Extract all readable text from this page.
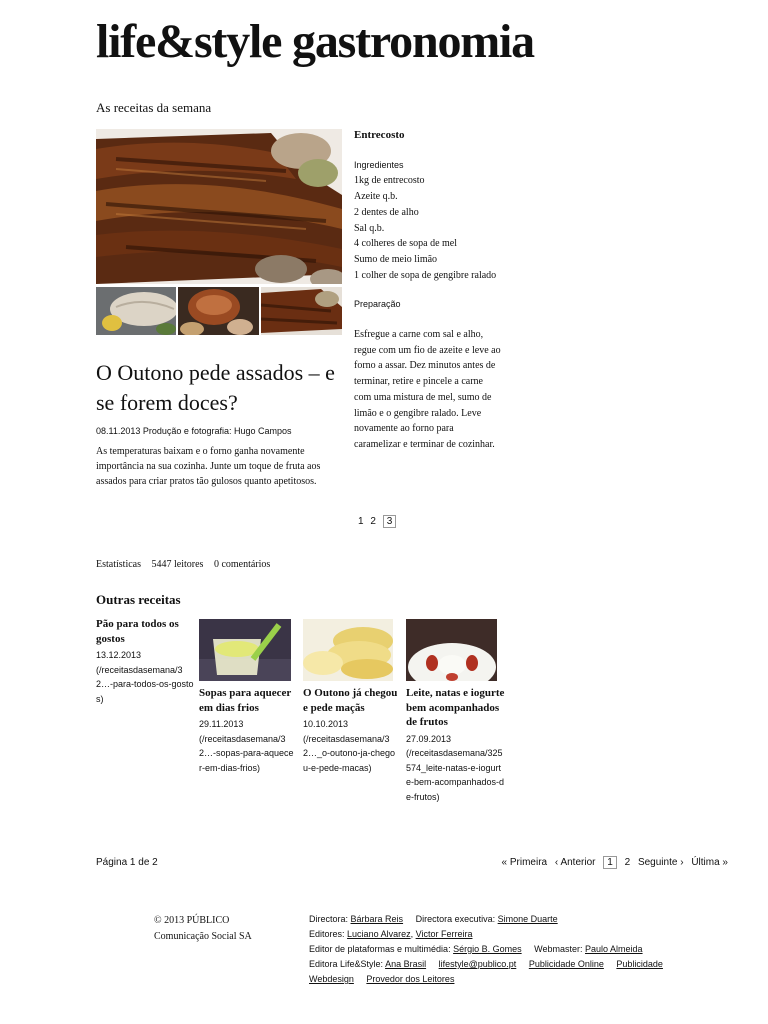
life&style gastronomia
As receitas da semana
O Outono pede assados – e se forem doces?
08.11.2013 Produção e fotografia: Hugo Campos
As temperaturas baixam e o forno ganha novamente importância na sua cozinha. Junte um toque de fruta aos assados para criar pratos tão gulosos quanto apetitosos.
Entrecosto
Ingredientes
1kg de entrecosto
Azeite q.b.
2 dentes de alho
Sal q.b.
4 colheres de sopa de mel
Sumo de meio limão
1 colher de sopa de gengibre ralado
Preparação
Esfregue a carne com sal e alho, regue com um fio de azeite e leve ao forno a assar. Dez minutos antes de terminar, retire e pincele a carne com uma mistura de mel, sumo de limão e o gengibre ralado. Leve novamente ao forno para caramelizar e terminar de cozinhar.
1 2 3
Estatísticas 5447 leitores 0 comentários
Outras receitas
Pão para todos os gostos
13.12.2013
(/receitasdasemana/32…-para-todos-os-gostos)	Sopas para aquecer em dias frios
29.11.2013
(/receitasdasemana/32…-sopas-para-aquecer-em-dias-frios)
O Outono já chegou e pede maçãs
10.10.2013
(/receitasdasemana/32…_o-outono-ja-chegou-e-pede-macas)
Leite, natas e iogurte bem acompanhados de frutos
27.09.2013
(/receitasdasemana/325574_leite-natas-e-iogurte-bem-acompanhados-de-frutos)
Página 1 de 2	« Primeira ‹ Anterior 1 2 Seguinte › Última »
© 2013 PÚBLICO
Comunicação Social SA
Directora: Bárbara Reis Directora executiva: Simone Duarte
Editores: Luciano Alvarez, Victor Ferreira
Editor de plataformas e multimédia: Sérgio B. Gomes Webmaster: Paulo Almeida
Editora Life&Style: Ana Brasil lifestyle@publico.pt Publicidade Online Publicidade
Webdesign Provedor dos Leitores
